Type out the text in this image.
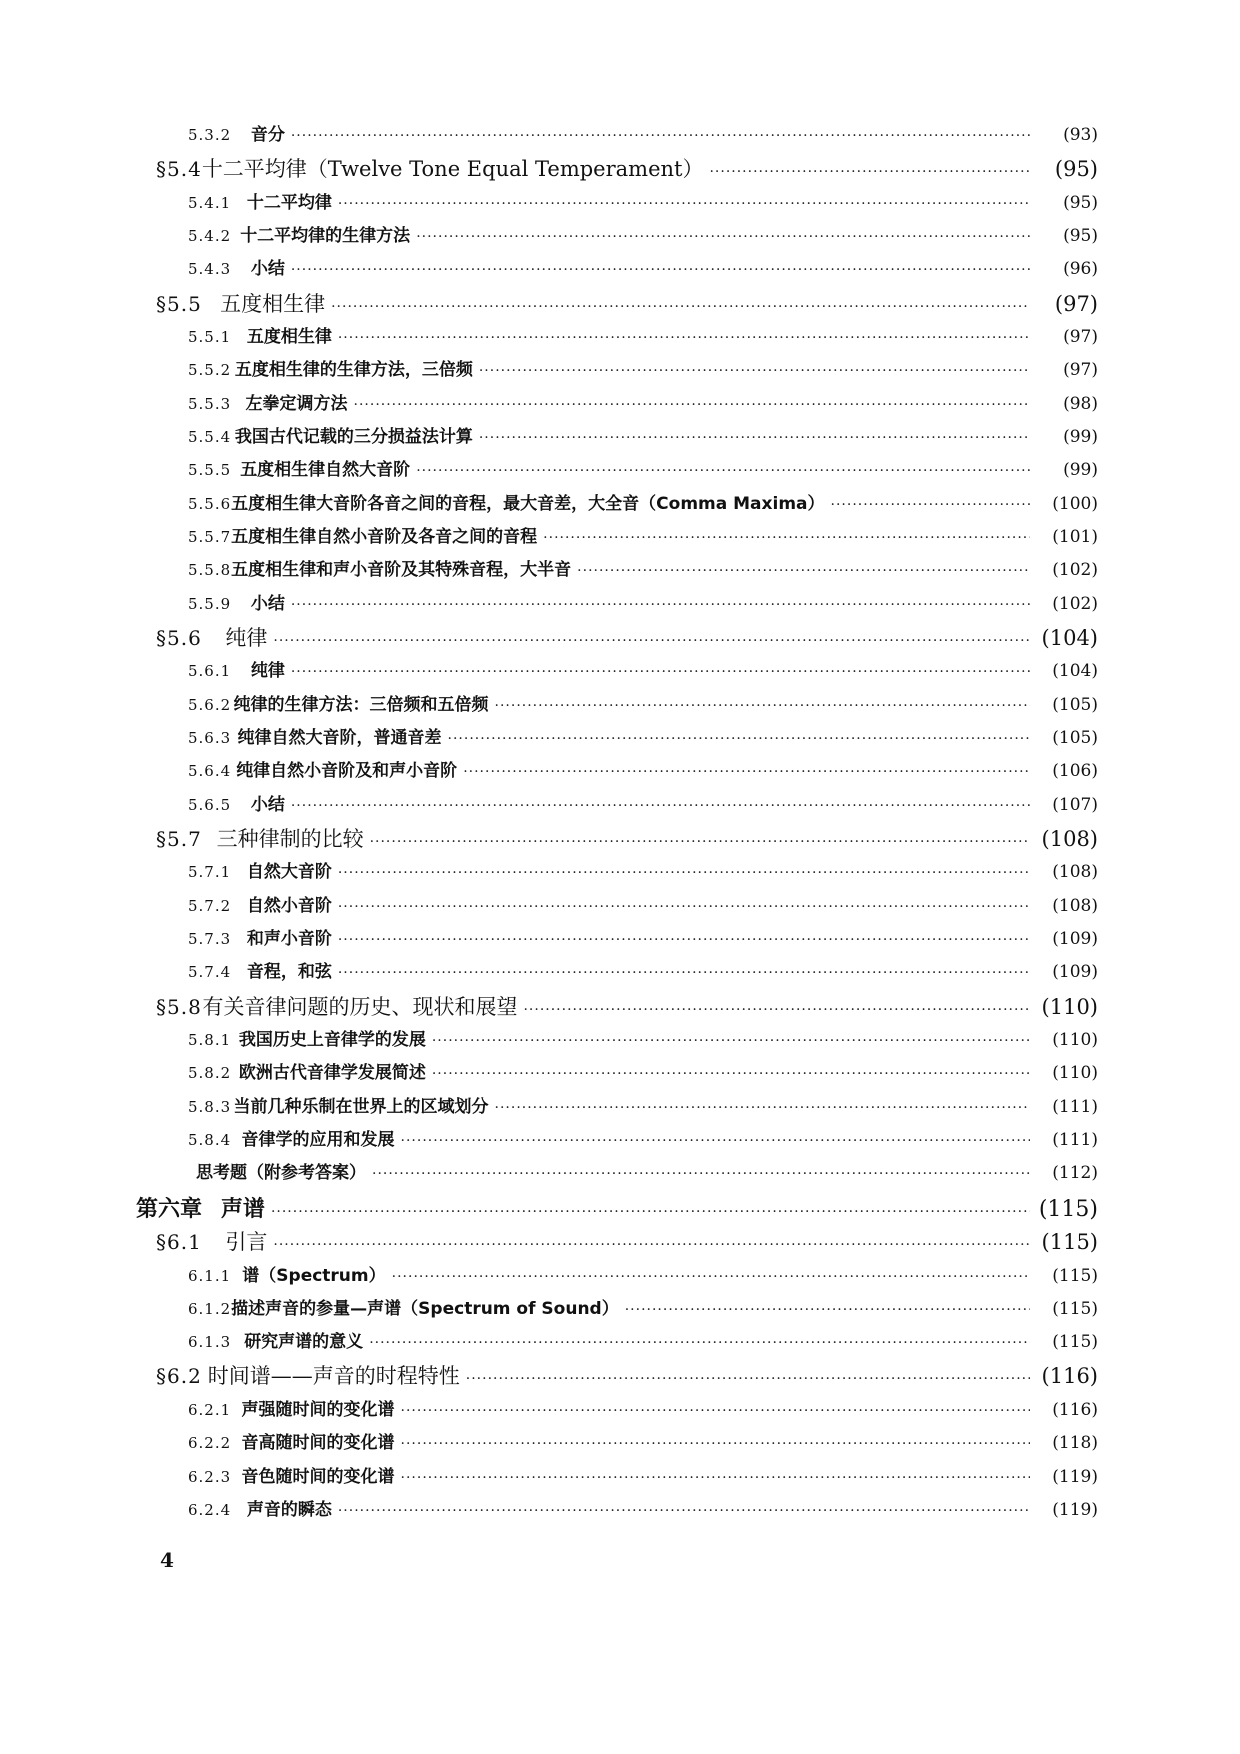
5.3.2	音分 ·····	(93)
§5.4 十二平均律（Twelve Tone Equal Temperament） ·····	(95)
5.4.1 十二平均律 ·····	(95)
5.4.2 十二平均律的生律方法 ·····	(95)
5.4.3	小结 ·····	(96)
§5.5 五度相生律 ·····	(97)
5.5.1 五度相生律 ·····	(97)
5.5.2 五度相生律的生律方法，三倍频 ·····	(97)
5.5.3 左拳定调方法 ·····	(98)
5.5.4 我国古代记载的三分损益法计算 ·····	(99)
5.5.5 五度相生律自然大音阶 ·····	(99)
5.5.6 五度相生律大音阶各音之间的音程，最大音差，大全音（Comma Maxima） ·····	(100)
5.5.7 五度相生律自然小音阶及各音之间的音程 ·····	(101)
5.5.8 五度相生律和声小音阶及其特殊音程，大半音 ·····	(102)
5.5.9	小结 ·····	(102)
§5.6	纯律 ·····	(104)
5.6.1	纯律 ·····	(104)
5.6.2 纯律的生律方法：三倍频和五倍频 ·····	(105)
5.6.3 纯律自然大音阶，普通音差 ·····	(105)
5.6.4 纯律自然小音阶及和声小音阶 ·····	(106)
5.6.5	小结 ·····	(107)
§5.7 三种律制的比较 ·····	(108)
5.7.1 自然大音阶 ·····	(108)
5.7.2 自然小音阶 ·····	(108)
5.7.3 和声小音阶 ·····	(109)
5.7.4 音程，和弦 ·····	(109)
§5.8 有关音律问题的历史、现状和展望 ·····	(110)
5.8.1 我国历史上音律学的发展 ·····	(110)
5.8.2 欧洲古代音律学发展简述 ·····	(110)
5.8.3 当前几种乐制在世界上的区域划分 ·····	(111)
5.8.4 音律学的应用和发展 ·····	(111)
思考题（附参考答案） ·····	(112)
第六章 声谱 ·····	(115)
§6.1	引言 ·····	(115)
6.1.1 谱（Spectrum） ·····	(115)
6.1.2 描述声音的参量—声谱（Spectrum of Sound） ·····	(115)
6.1.3 研究声谱的意义 ·····	(115)
§6.2 时间谱——声音的时程特性 ·····	(116)
6.2.1 声强随时间的变化谱 ·····	(116)
6.2.2 音高随时间的变化谱 ·····	(118)
6.2.3 音色随时间的变化谱 ·····	(119)
6.2.4 声音的瞬态 ·····	(119)
4
